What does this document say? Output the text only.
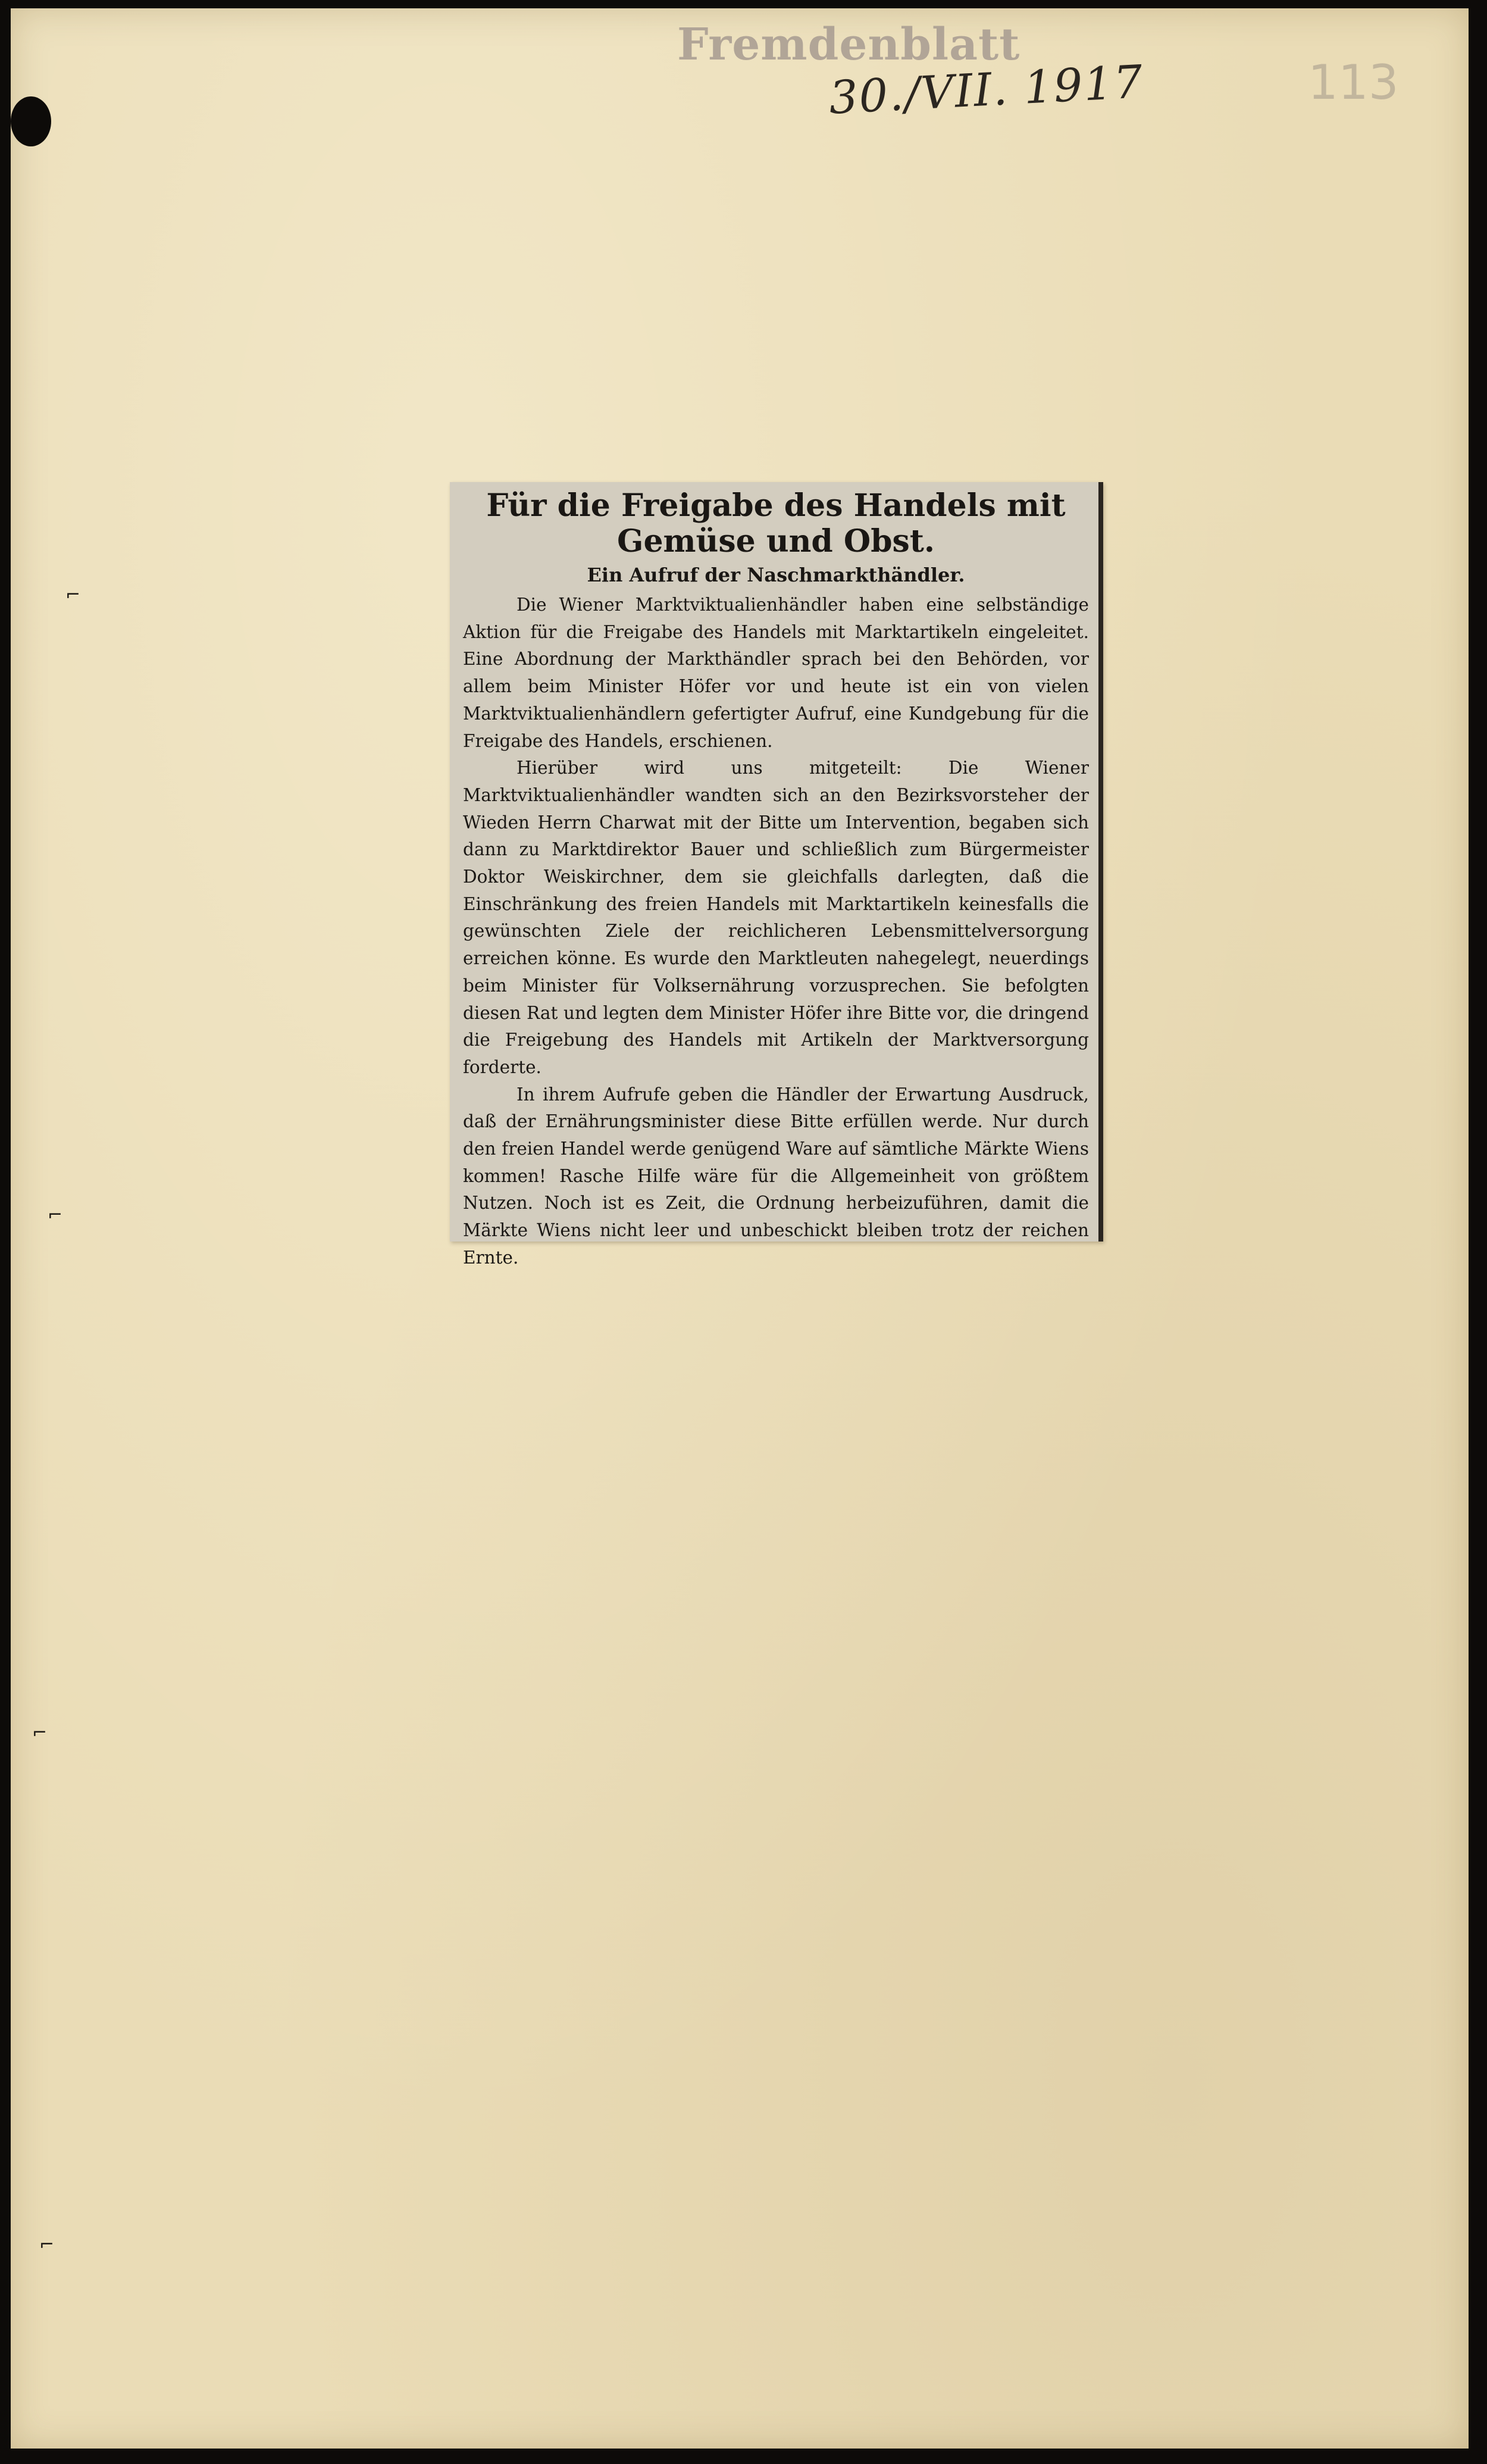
Fremdenblatt
30./VII. 1917	113
⌐
⌐
⌐
⌐
Für die Freigabe des Handels mit Gemüse und Obst.
Ein Aufruf der Naschmarkthändler.

Die Wiener Marktviktualienhändler haben eine selbständige Aktion für die Freigabe des Handels mit Marktartikeln eingeleitet. Eine Abordnung der Markthändler sprach bei den Behörden, vor allem beim Minister Höfer vor und heute ist ein von vielen Marktviktualienhändlern gefertigter Aufruf, eine Kundgebung für die Freigabe des Handels, erschienen.

Hierüber wird uns mitgeteilt: Die Wiener Marktviktualienhändler wandten sich an den Bezirksvorsteher der Wieden Herrn Charwat mit der Bitte um Intervention, begaben sich dann zu Marktdirektor Bauer und schließlich zum Bürgermeister Doktor Weiskirchner, dem sie gleichfalls darlegten, daß die Einschränkung des freien Handels mit Marktartikeln keinesfalls die gewünschten Ziele der reichlicheren Lebensmittelversorgung erreichen könne. Es wurde den Marktleuten nahegelegt, neuerdings beim Minister für Volksernährung vorzusprechen. Sie befolgten diesen Rat und legten dem Minister Höfer ihre Bitte vor, die dringend die Freigebung des Handels mit Artikeln der Marktversorgung forderte.

In ihrem Aufrufe geben die Händler der Erwartung Ausdruck, daß der Ernährungsminister diese Bitte erfüllen werde. Nur durch den freien Handel werde genügend Ware auf sämtliche Märkte Wiens kommen! Rasche Hilfe wäre für die Allgemeinheit von größtem Nutzen. Noch ist es Zeit, die Ordnung herbeizuführen, damit die Märkte Wiens nicht leer und unbeschickt bleiben trotz der reichen Ernte.
